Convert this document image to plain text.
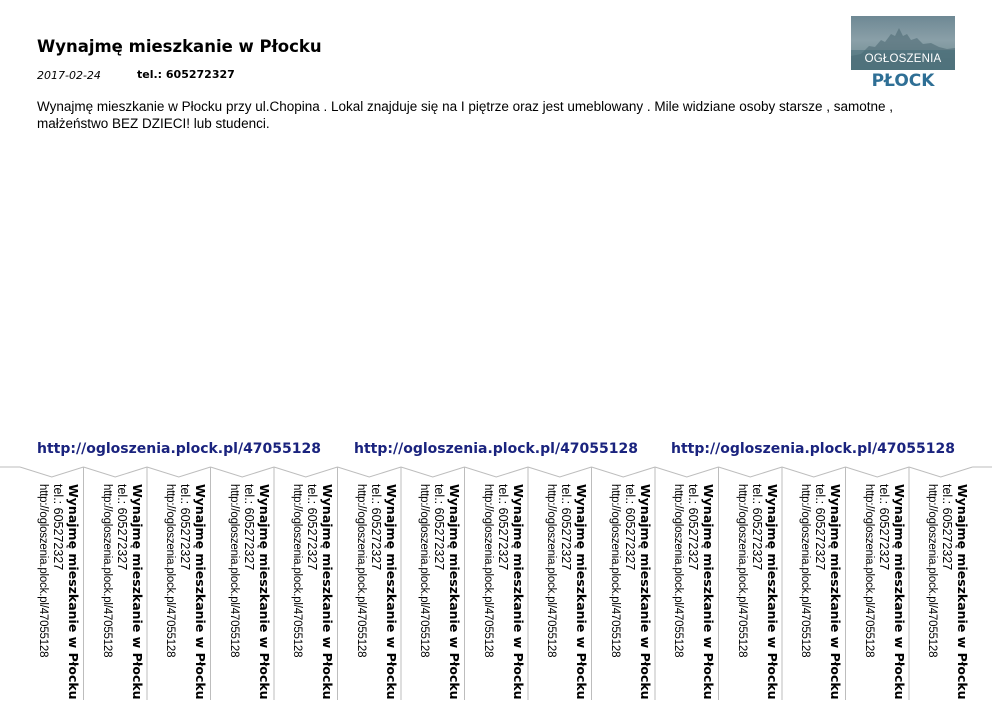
Wynajmę mieszkanie w Płocku
2017-02-24	tel.: 605272327
Wynajmę mieszkanie w Płocku przy ul.Chopina . Lokal znajduje się na I piętrze oraz jest umeblowany . Mile widziane osoby starsze , samotne , małżeństwo BEZ DZIECI! lub studenci.
OGŁOSZENIA
PŁOCK
http://ogloszenia.plock.pl/47055128 http://ogloszenia.plock.pl/47055128 http://ogloszenia.plock.pl/47055128
Wynajmę mieszkanie w Płocku
tel.: 605272327
http://ogloszenia.plock.pl/47055128	Wynajmę mieszkanie w Płocku
tel.: 605272327
http://ogloszenia.plock.pl/47055128	Wynajmę mieszkanie w Płocku
tel.: 605272327
http://ogloszenia.plock.pl/47055128	Wynajmę mieszkanie w Płocku
tel.: 605272327
http://ogloszenia.plock.pl/47055128	Wynajmę mieszkanie w Płocku
tel.: 605272327
http://ogloszenia.plock.pl/47055128	Wynajmę mieszkanie w Płocku
tel.: 605272327
http://ogloszenia.plock.pl/47055128	Wynajmę mieszkanie w Płocku
tel.: 605272327
http://ogloszenia.plock.pl/47055128	Wynajmę mieszkanie w Płocku
tel.: 605272327
http://ogloszenia.plock.pl/47055128	Wynajmę mieszkanie w Płocku
tel.: 605272327
http://ogloszenia.plock.pl/47055128	Wynajmę mieszkanie w Płocku
tel.: 605272327
http://ogloszenia.plock.pl/47055128	Wynajmę mieszkanie w Płocku
tel.: 605272327
http://ogloszenia.plock.pl/47055128	Wynajmę mieszkanie w Płocku
tel.: 605272327
http://ogloszenia.plock.pl/47055128	Wynajmę mieszkanie w Płocku
tel.: 605272327
http://ogloszenia.plock.pl/47055128	Wynajmę mieszkanie w Płocku
tel.: 605272327
http://ogloszenia.plock.pl/47055128	Wynajmę mieszkanie w Płocku
tel.: 605272327
http://ogloszenia.plock.pl/47055128
